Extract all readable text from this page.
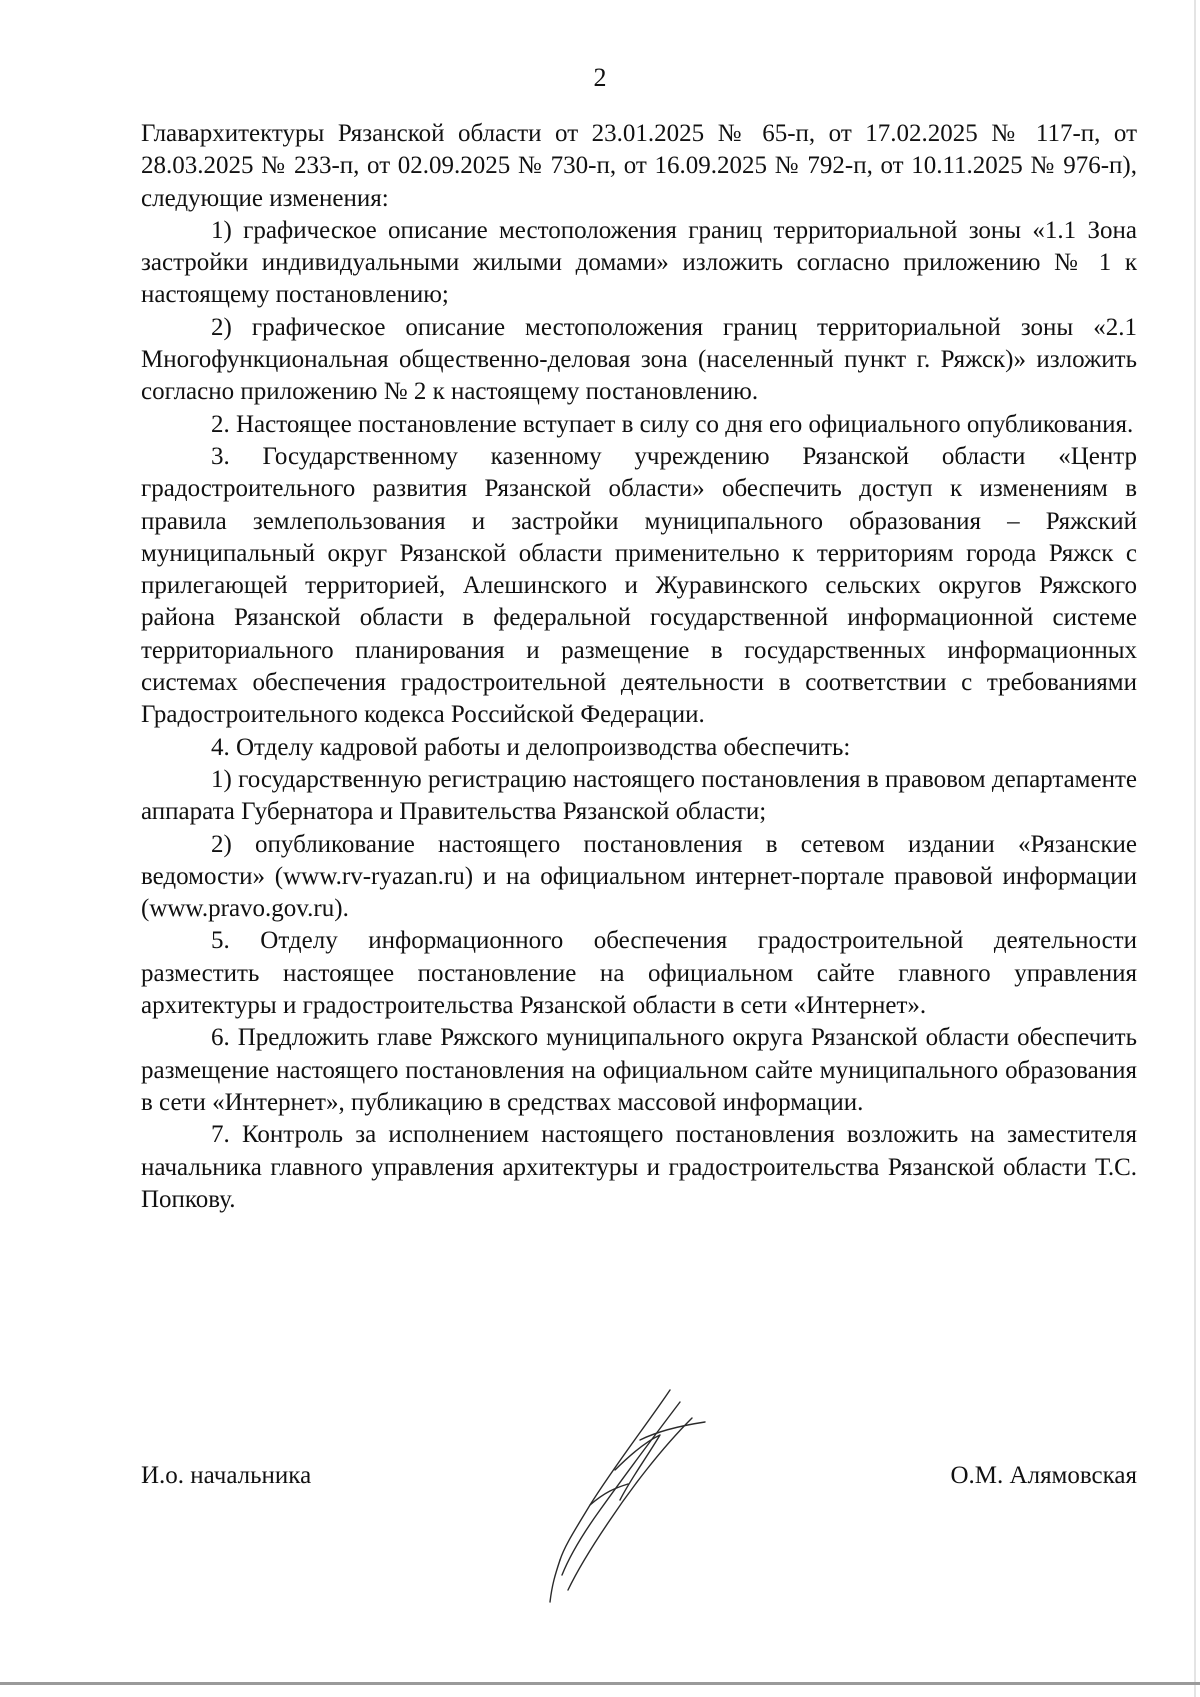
2

Главархитектуры Рязанской области от 23.01.2025 № 65-п, от 17.02.2025 № 117-п, от 28.03.2025 № 233-п, от 02.09.2025 № 730-п, от 16.09.2025 № 792-п, от 10.11.2025 № 976-п), следующие изменения:

1) графическое описание местоположения границ территориальной зоны «1.1 Зона застройки индивидуальными жилыми домами» изложить согласно приложению № 1 к настоящему постановлению;

2) графическое описание местоположения границ территориальной зоны «2.1 Многофункциональная общественно-деловая зона (населенный пункт г. Ряжск)» изложить согласно приложению № 2 к настоящему постановлению.

2. Настоящее постановление вступает в силу со дня его официального опубликования.

3. Государственному казенному учреждению Рязанской области «Центр градостроительного развития Рязанской области» обеспечить доступ к изменениям в правила землепользования и застройки муниципального образования – Ряжский муниципальный округ Рязанской области применительно к территориям города Ряжск с прилегающей территорией, Алешинского и Журавинского сельских округов Ряжского района Рязанской области в федеральной государственной информационной системе территориального планирования и размещение в государственных информационных системах обеспечения градостроительной деятельности в соответствии с требованиями Градостроительного кодекса Российской Федерации.

4. Отделу кадровой работы и делопроизводства обеспечить:

1) государственную регистрацию настоящего постановления в правовом департаменте аппарата Губернатора и Правительства Рязанской области;

2) опубликование настоящего постановления в сетевом издании «Рязанские ведомости» (www.rv-ryazan.ru) и на официальном интернет-портале правовой информации (www.pravo.gov.ru).

5. Отделу информационного обеспечения градостроительной деятельности разместить настоящее постановление на официальном сайте главного управления архитектуры и градостроительства Рязанской области в сети «Интернет».

6. Предложить главе Ряжского муниципального округа Рязанской области обеспечить размещение настоящего постановления на официальном сайте муниципального образования в сети «Интернет», публикацию в средствах массовой информации.

7. Контроль за исполнением настоящего постановления возложить на заместителя начальника главного управления архитектуры и градостроительства Рязанской области Т.С. Попкову.

И.о. начальника	О.М. Алямовская
